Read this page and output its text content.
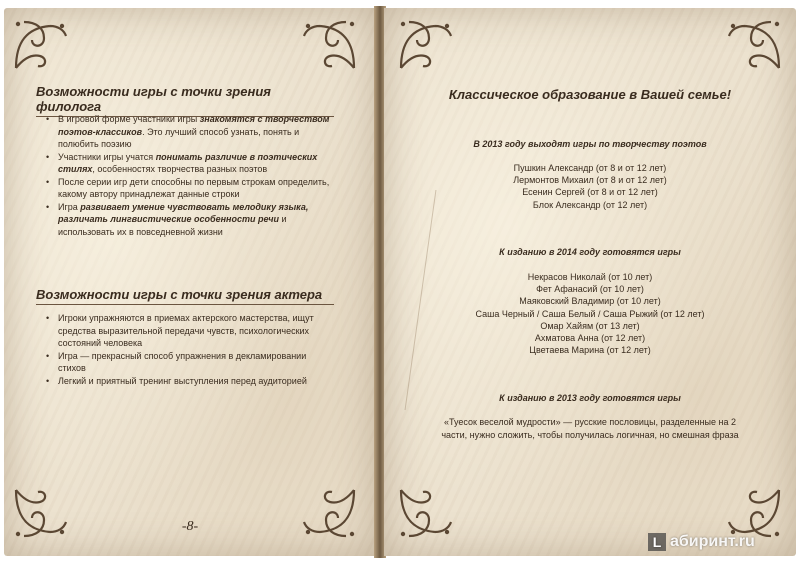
Возможности игры с точки зрения филолога
• В игровой форме участники игры знакомятся с творчеством поэтов-классиков. Это лучший способ узнать, понять и полюбить поэзию
• Участники игры учатся понимать различие в поэтических стилях, особенностях творчества разных поэтов
• После серии игр дети способны по первым строкам определить, какому автору принадлежат данные строки
• Игра развивает умение чувствовать мелодику языка, различать лингвистические особенности речи и использовать их в повседневной жизни
Возможности игры с точки зрения актера
• Игроки упражняются в приемах актерского мастерства, ищут средства выразительной передачи чувств, психологических состояний человека
• Игра — прекрасный способ упражнения в декламировании стихов
• Легкий и приятный тренинг выступления перед аудиторией
-8-
Классическое образование в Вашей семье!

В 2013 году выходят игры по творчеству поэтов

Пушкин Александр (от 8 и от 12 лет)
Лермонтов Михаил (от 8 и от 12 лет)
Есенин Сергей (от 8 и от 12 лет)
Блок Александр (от 12 лет)

К изданию в 2014 году готовятся игры

Некрасов Николай (от 10 лет)
Фет Афанасий (от 10 лет)
Маяковский Владимир (от 10 лет)
Саша Черный / Саша Белый / Саша Рыжий (от 12 лет)
Омар Хайям (от 13 лет)
Ахматова Анна (от 12 лет)
Цветаева Марина (от 12 лет)

К изданию в 2013 году готовятся игры

«Туесок веселой мудрости» — русские пословицы, разделенные на 2 части, нужно сложить, чтобы получилась логичная, но смешная фраза

L абиринт.ru
